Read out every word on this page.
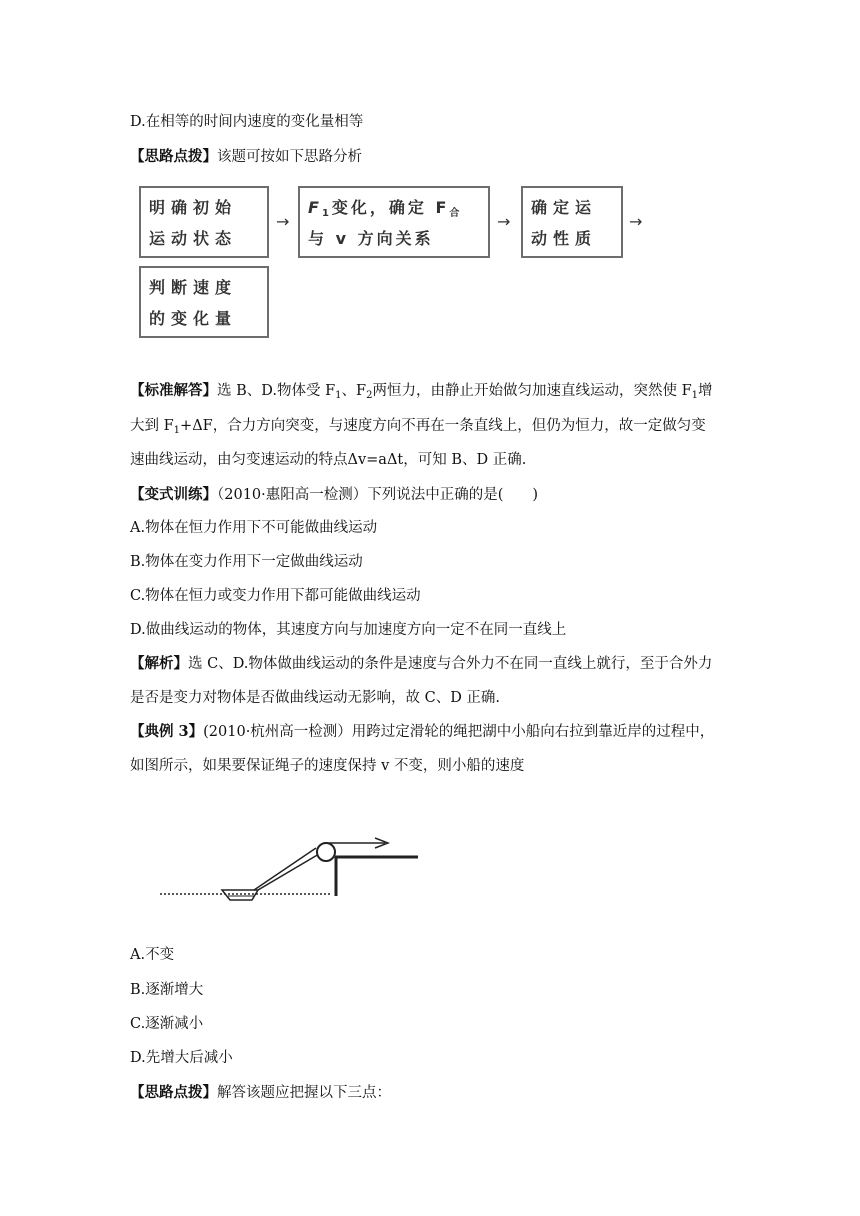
D.在相等的时间内速度的变化量相等
【思路点拨】该题可按如下思路分析
明确初始
运动状态
→
$F_1$变化，确定 $F_合$
与 v 方向关系
→
确定运
动性质
→
判断速度
的变化量
【标准解答】选 B、D.物体受 $F_1$、$F_2$两恒力，由静止开始做匀加速直线运动，突然使 $F_1$增
大到 $F_1+\Delta F$，合力方向突变，与速度方向不再在一条直线上，但仍为恒力，故一定做匀变
速曲线运动，由匀变速运动的特点Δv=aΔt，可知 B、D 正确.
【变式训练】（2010·惠阳高一检测）下列说法中正确的是(　　)
A.物体在恒力作用下不可能做曲线运动
B.物体在变力作用下一定做曲线运动
C.物体在恒力或变力作用下都可能做曲线运动
D.做曲线运动的物体，其速度方向与加速度方向一定不在同一直线上
【解析】选 C、D.物体做曲线运动的条件是速度与合外力不在同一直线上就行，至于合外力
是否是变力对物体是否做曲线运动无影响，故 C、D 正确.
【典例 3】(2010·杭州高一检测）用跨过定滑轮的绳把湖中小船向右拉到靠近岸的过程中，
如图所示，如果要保证绳子的速度保持 v 不变，则小船的速度
A.不变
B.逐渐增大
C.逐渐减小
D.先增大后减小
【思路点拨】解答该题应把握以下三点：
